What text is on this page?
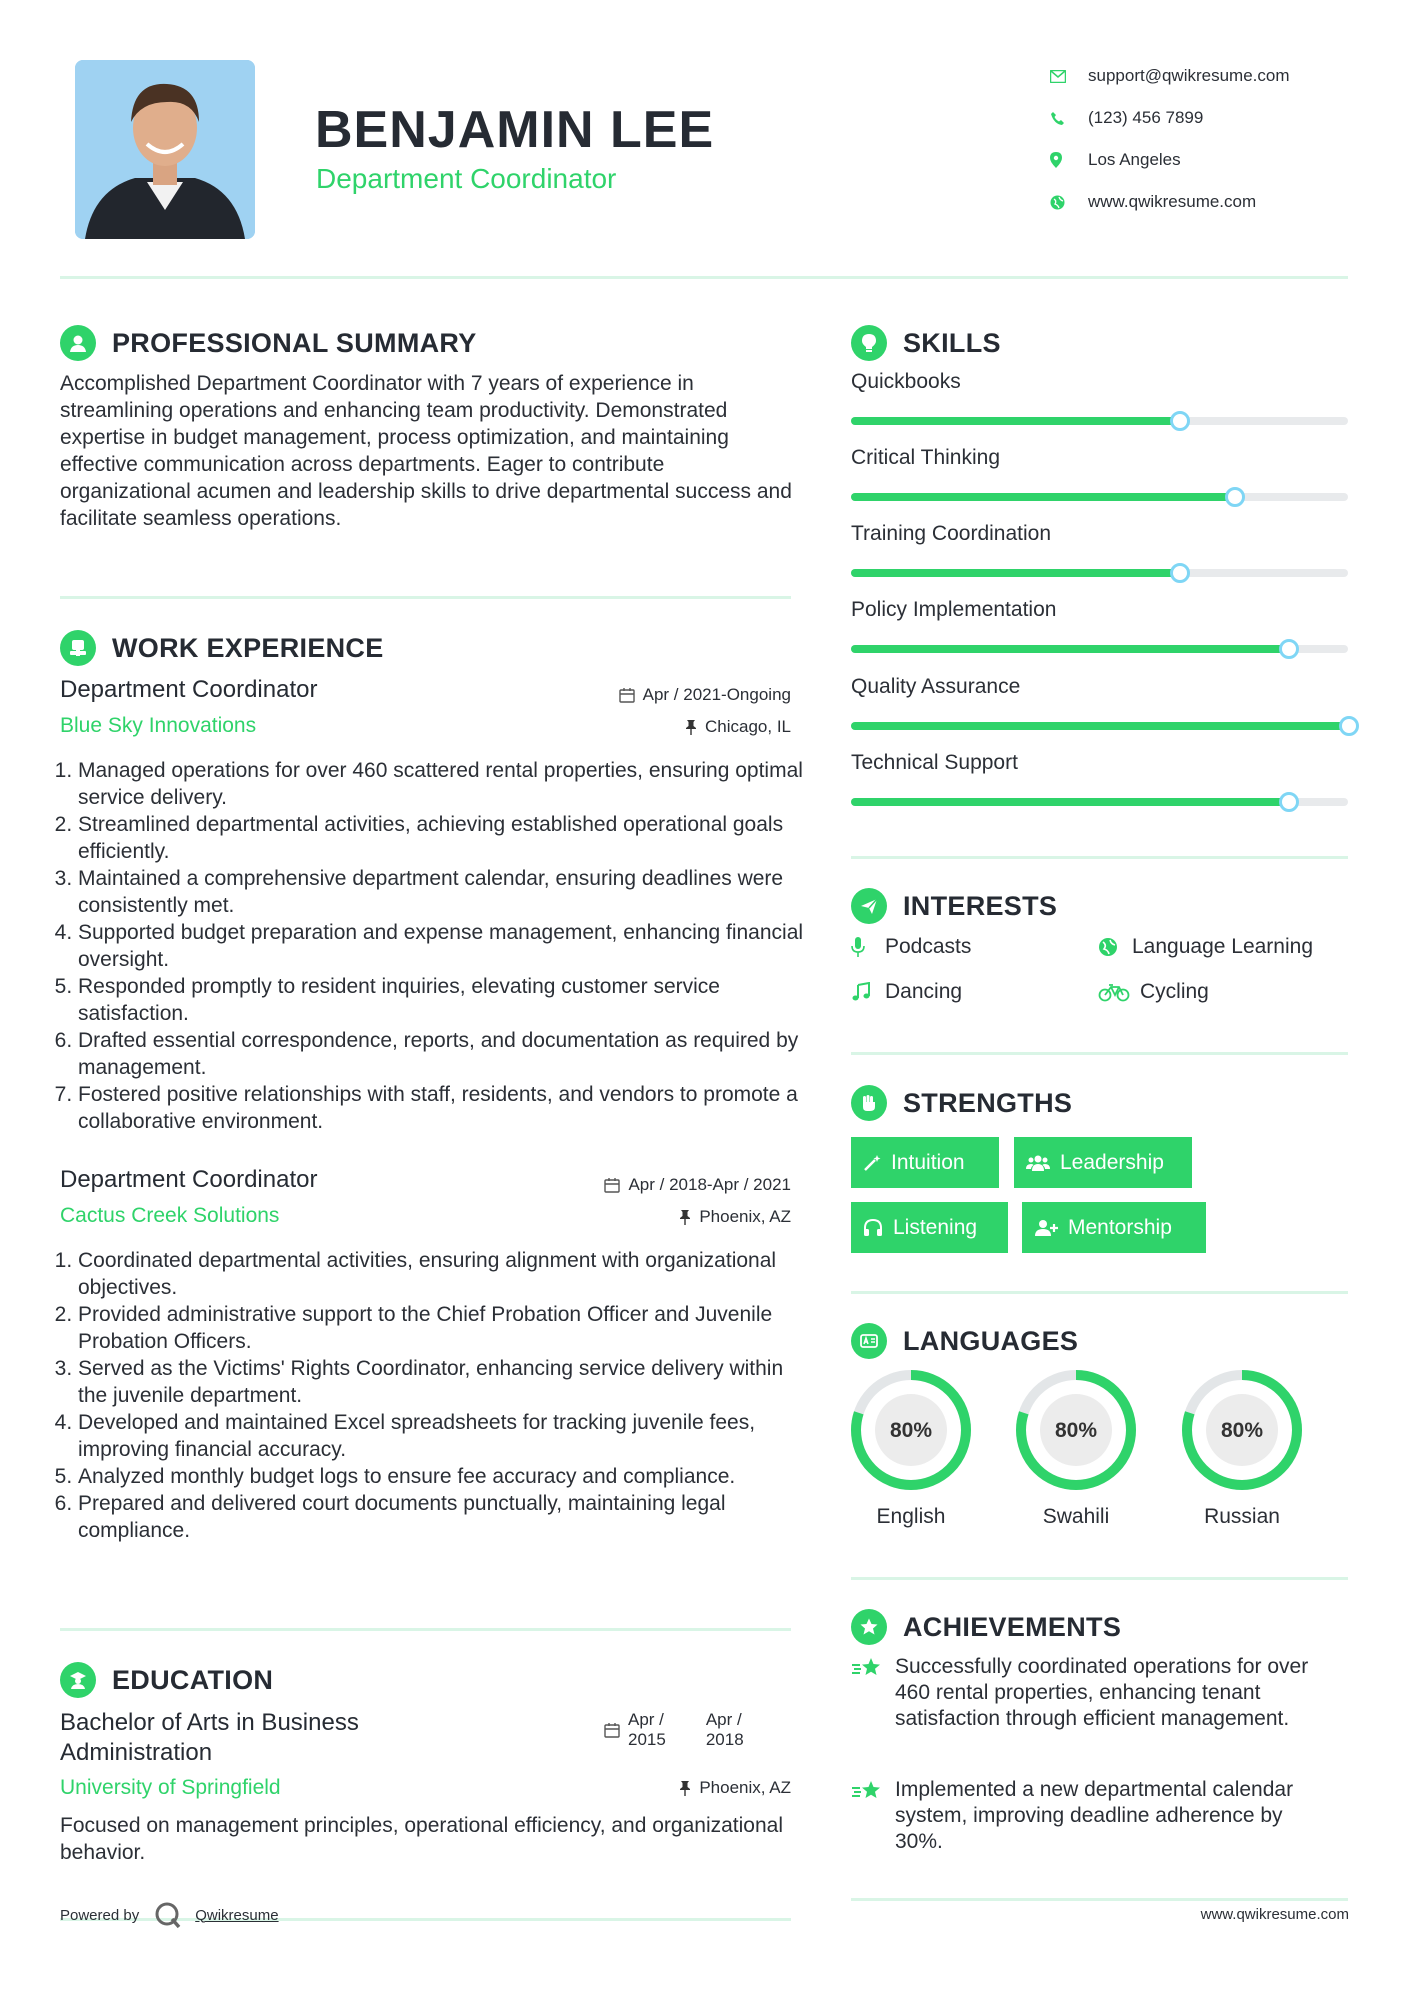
BENJAMIN LEE
Department Coordinator
support@qwikresume.com
(123) 456 7899
Los Angeles
www.qwikresume.com
PROFESSIONAL SUMMARY
Accomplished Department Coordinator with 7 years of experience in streamlining operations and enhancing team productivity. Demonstrated expertise in budget management, process optimization, and maintaining effective communication across departments. Eager to contribute organizational acumen and leadership skills to drive departmental success and facilitate seamless operations.
WORK EXPERIENCE
Department Coordinator
Blue Sky Innovations
Apr / 2021-Ongoing
Chicago, IL
1. Managed operations for over 460 scattered rental properties, ensuring optimal service delivery.
2. Streamlined departmental activities, achieving established operational goals efficiently.
3. Maintained a comprehensive department calendar, ensuring deadlines were consistently met.
4. Supported budget preparation and expense management, enhancing financial oversight.
5. Responded promptly to resident inquiries, elevating customer service satisfaction.
6. Drafted essential correspondence, reports, and documentation as required by management.
7. Fostered positive relationships with staff, residents, and vendors to promote a collaborative environment.
Department Coordinator
Cactus Creek Solutions
Apr / 2018-Apr / 2021
Phoenix, AZ
1. Coordinated departmental activities, ensuring alignment with organizational objectives.
2. Provided administrative support to the Chief Probation Officer and Juvenile Probation Officers.
3. Served as the Victims' Rights Coordinator, enhancing service delivery within the juvenile department.
4. Developed and maintained Excel spreadsheets for tracking juvenile fees, improving financial accuracy.
5. Analyzed monthly budget logs to ensure fee accuracy and compliance.
6. Prepared and delivered court documents punctually, maintaining legal compliance.
EDUCATION
Bachelor of Arts in Business
Administration
University of Springfield
Apr /
2015
Apr /
2018
Phoenix, AZ
Focused on management principles, operational efficiency, and organizational behavior.
SKILLS
Quickbooks
Critical Thinking
Training Coordination
Policy Implementation
Quality Assurance
Technical Support
INTERESTS
Podcasts	Language Learning
Dancing	Cycling
STRENGTHS
Intuition	Leadership
Listening	Mentorship
LANGUAGES
80%
English
80%
Swahili
80%
Russian
ACHIEVEMENTS
Successfully coordinated operations for over 460 rental properties, enhancing tenant satisfaction through efficient management.
Implemented a new departmental calendar system, improving deadline adherence by 30%.
Powered by	Qwikresume	www.qwikresume.com
